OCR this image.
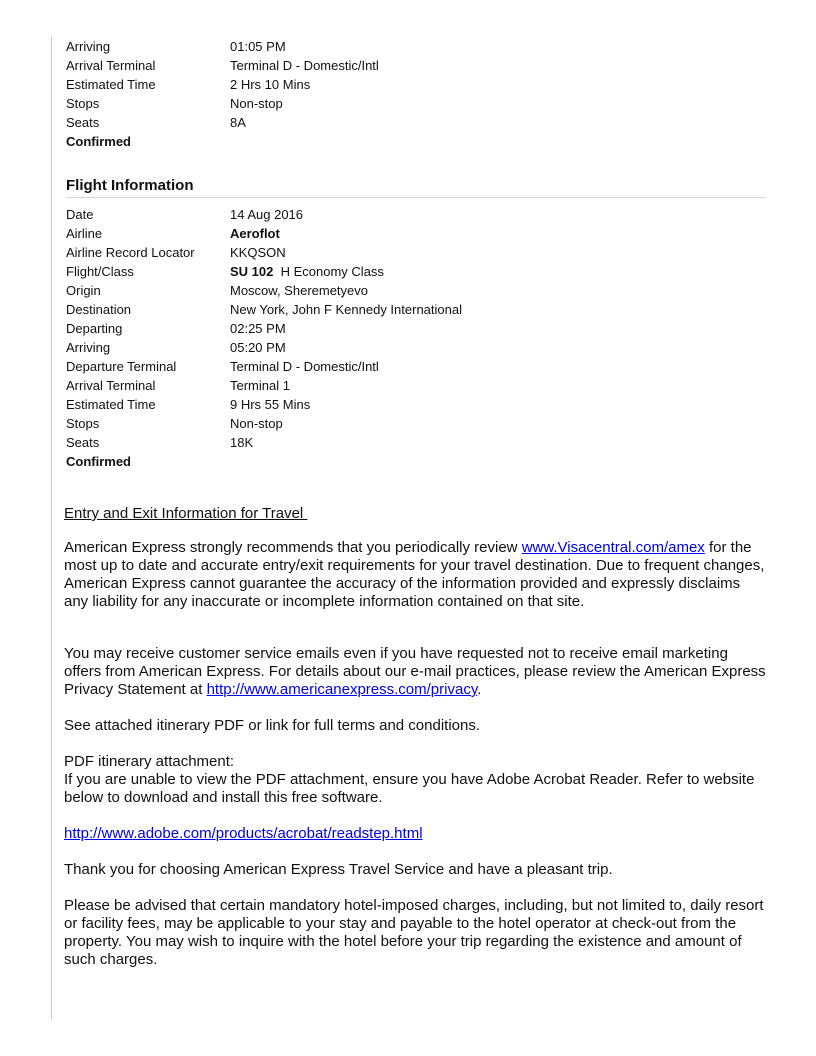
Arriving	01:05 PM
Arrival Terminal	Terminal D - Domestic/Intl
Estimated Time	2 Hrs 10 Mins
Stops	Non-stop
Seats	8A
Confirmed
Flight Information
Date	14 Aug 2016
Airline	Aeroflot
Airline Record Locator	KKQSON
Flight/Class	SU 102 H Economy Class
Origin	Moscow, Sheremetyevo
Destination	New York, John F Kennedy International
Departing	02:25 PM
Arriving	05:20 PM
Departure Terminal	Terminal D - Domestic/Intl
Arrival Terminal	Terminal 1
Estimated Time	9 Hrs 55 Mins
Stops	Non-stop
Seats	18K
Confirmed
Entry and Exit Information for Travel

American Express strongly recommends that you periodically review www.Visacentral.com/amex for the most up to date and accurate entry/exit requirements for your travel destination. Due to frequent changes, American Express cannot guarantee the accuracy of the information provided and expressly disclaims any liability for any inaccurate or incomplete information contained on that site.

You may receive customer service emails even if you have requested not to receive email marketing offers from American Express. For details about our e-mail practices, please review the American Express Privacy Statement at http://www.americanexpress.com/privacy.

See attached itinerary PDF or link for full terms and conditions.

PDF itinerary attachment:
If you are unable to view the PDF attachment, ensure you have Adobe Acrobat Reader. Refer to website below to download and install this free software.

http://www.adobe.com/products/acrobat/readstep.html

Thank you for choosing American Express Travel Service and have a pleasant trip.

Please be advised that certain mandatory hotel-imposed charges, including, but not limited to, daily resort or facility fees, may be applicable to your stay and payable to the hotel operator at check-out from the property. You may wish to inquire with the hotel before your trip regarding the existence and amount of such charges.
